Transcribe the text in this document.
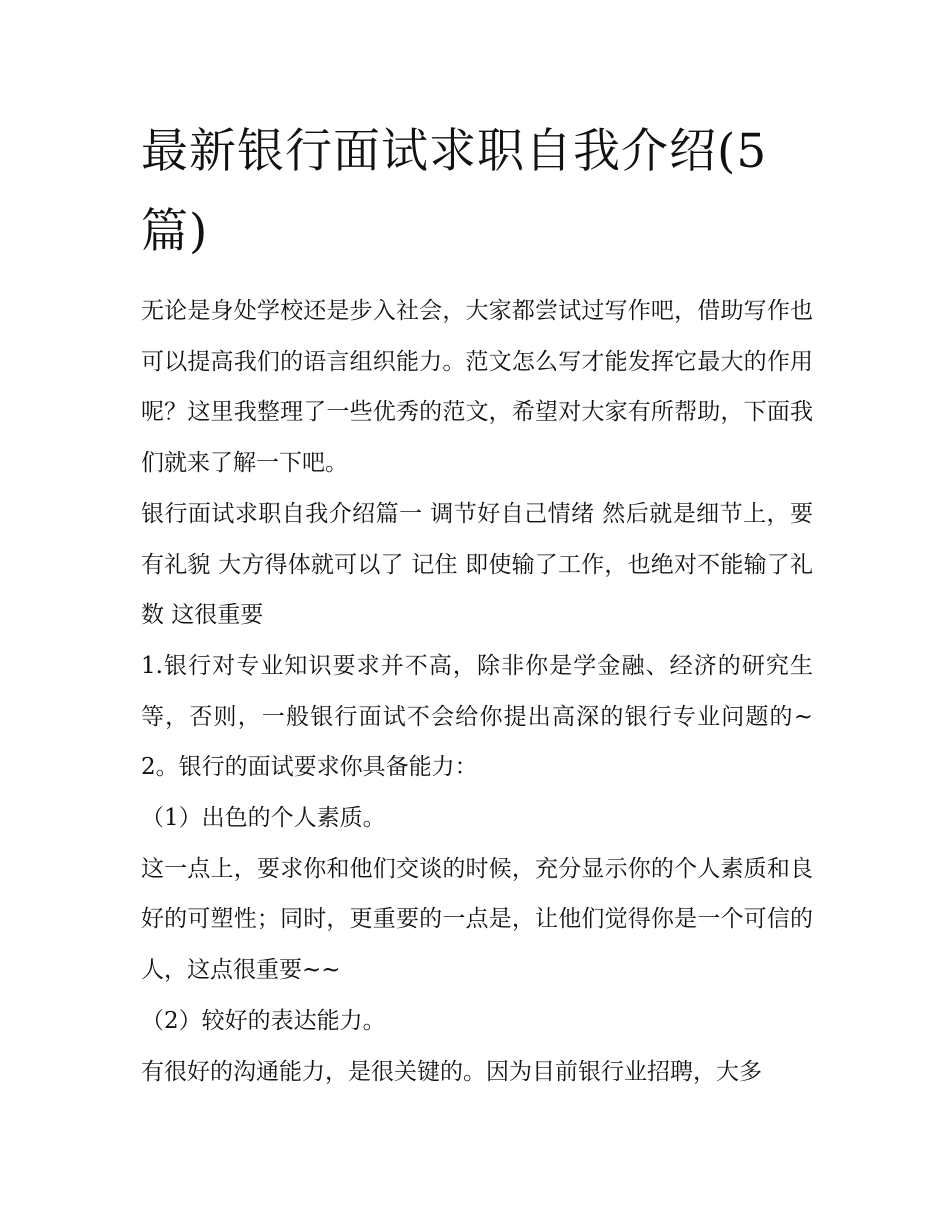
最新银行面试求职自我介绍(5篇)

无论是身处学校还是步入社会，大家都尝试过写作吧，借助写作也可以提高我们的语言组织能力。范文怎么写才能发挥它最大的作用呢？这里我整理了一些优秀的范文，希望对大家有所帮助，下面我们就来了解一下吧。

银行面试求职自我介绍篇一 调节好自己情绪 然后就是细节上，要有礼貌 大方得体就可以了 记住 即使输了工作，也绝对不能输了礼数 这很重要

1.银行对专业知识要求并不高，除非你是学金融、经济的研究生等，否则，一般银行面试不会给你提出高深的银行专业问题的~ 2。银行的面试要求你具备能力：

（1）出色的个人素质。

这一点上，要求你和他们交谈的时候，充分显示你的个人素质和良好的可塑性；同时，更重要的一点是，让他们觉得你是一个可信的人，这点很重要~~

（2）较好的表达能力。

有很好的沟通能力，是很关键的。因为目前银行业招聘，大多
